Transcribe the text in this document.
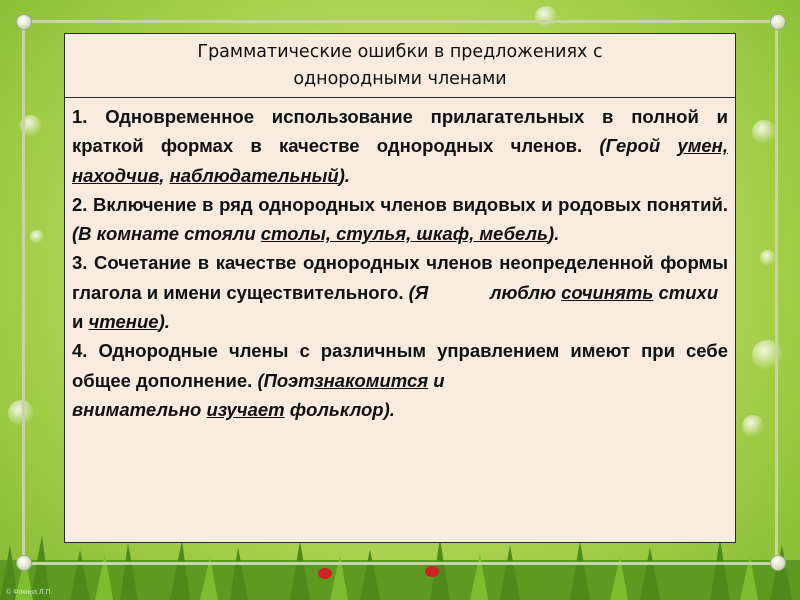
Грамматические ошибки в предложениях с
однородными членами
1. Одновременное использование прилагательных в полной и краткой формах в качестве однородных членов. (Герой умен, находчив, наблюдательный).
2. Включение в ряд однородных членов видовых и родовых понятий. (В комнате стояли столы, стулья, шкаф, мебель).
3. Сочетание в качестве однородных членов неопределенной формы глагола и имени существительного. (Я            люблю сочинять стихи
и чтение).
4. Однородные члены с различным управлением имеют при себе общее дополнение. (Поэтзнакомится и
внимательно изучает фольклор).
© Фокина Л.П.
